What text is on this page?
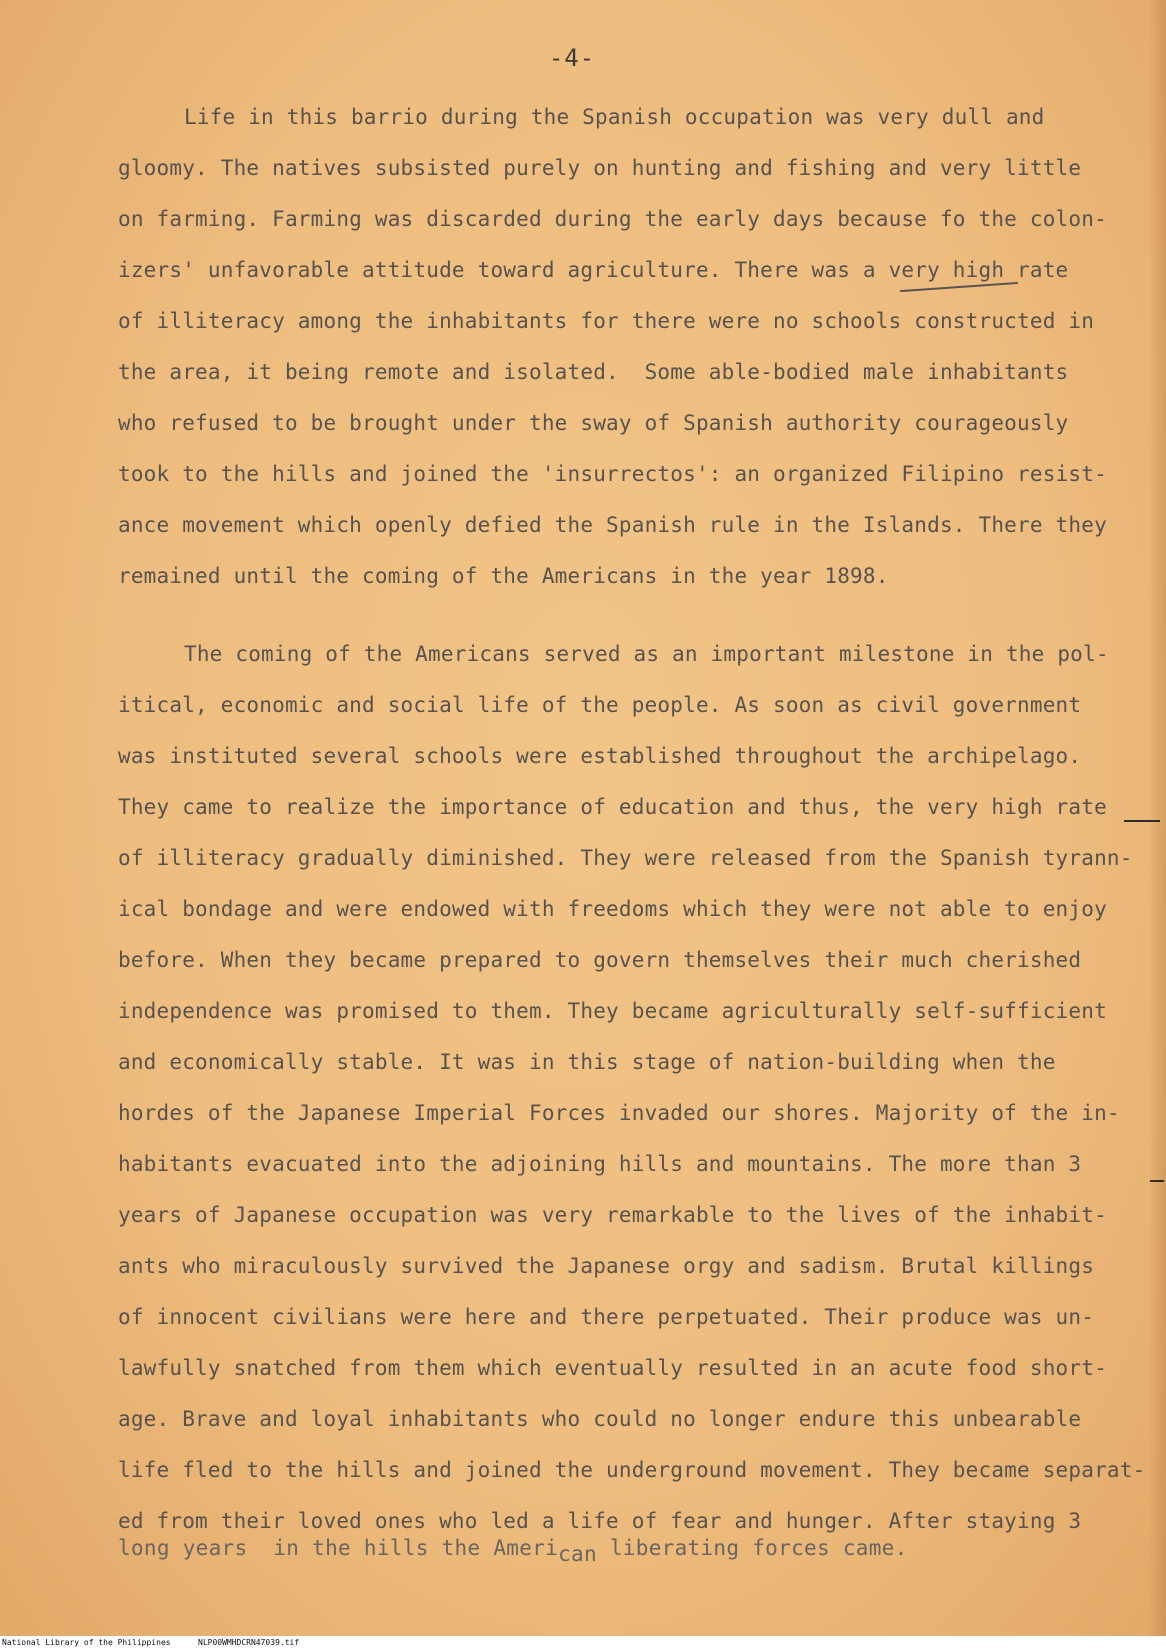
-4-
Life in this barrio during the Spanish occupation was very dull and
gloomy. The natives subsisted purely on hunting and fishing and very little
on farming. Farming was discarded during the early days because fo the colon-
izers' unfavorable attitude toward agriculture. There was a very high rate
of illiteracy among the inhabitants for there were no schools constructed in
the area, it being remote and isolated.  Some able-bodied male inhabitants
who refused to be brought under the sway of Spanish authority courageously
took to the hills and joined the 'insurrectos': an organized Filipino resist-
ance movement which openly defied the Spanish rule in the Islands. There they
remained until the coming of the Americans in the year 1898.
The coming of the Americans served as an important milestone in the pol-
itical, economic and social life of the people. As soon as civil government
was instituted several schools were established throughout the archipelago.
They came to realize the importance of education and thus, the very high rate
of illiteracy gradually diminished. They were released from the Spanish tyrann-
ical bondage and were endowed with freedoms which they were not able to enjoy
before. When they became prepared to govern themselves their much cherished
independence was promised to them. They became agriculturally self-sufficient
and economically stable. It was in this stage of nation-building when the
hordes of the Japanese Imperial Forces invaded our shores. Majority of the in-
habitants evacuated into the adjoining hills and mountains. The more than 3
years of Japanese occupation was very remarkable to the lives of the inhabit-
ants who miraculously survived the Japanese orgy and sadism. Brutal killings
of innocent civilians were here and there perpetuated. Their produce was un-
lawfully snatched from them which eventually resulted in an acute food short-
age. Brave and loyal inhabitants who could no longer endure this unbearable
life fled to the hills and joined the underground movement. They became separat-
ed from their loved ones who led a life of fear and hunger. After staying 3
long years  in the hills the American liberating forces came.
National Library of the Philippines	NLP00WMHDCRN47039.tif
